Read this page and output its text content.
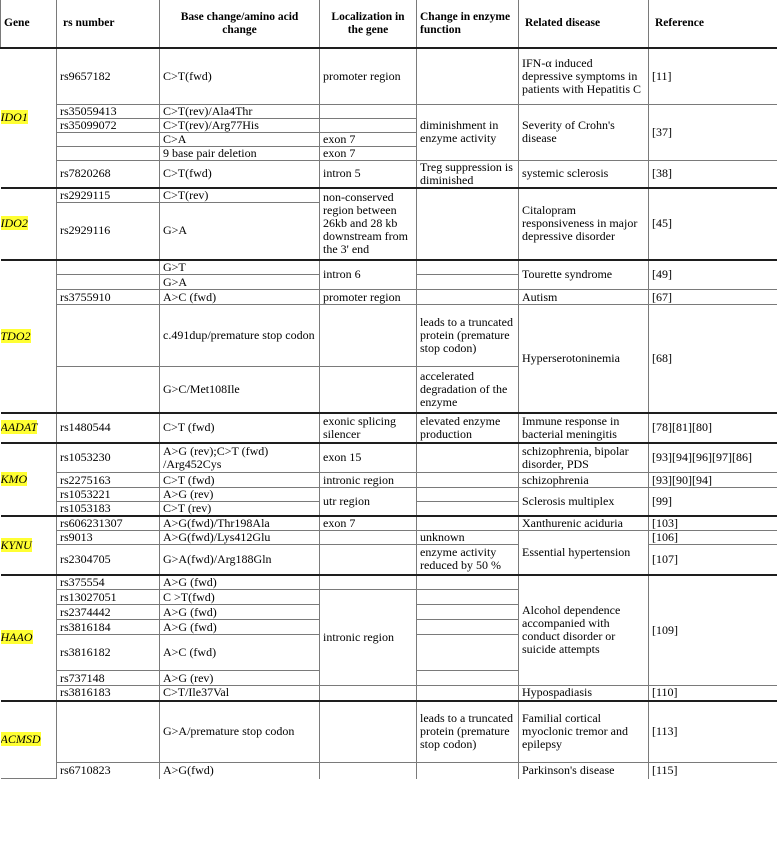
Gene	rs number	Base change/amino acid change	Localization in the gene	Change in enzyme function	Related disease	Reference
IDO1	rs9657182	C>T(fwd)	promoter region		IFN-α induced depressive symptoms in patients with Hepatitis C	[11]
	rs35059413	C>T(rev)/Ala4Thr		diminishment in enzyme activity	Severity of Crohn's disease	[37]
	rs35099072	C>T(rev)/Arg77His				
		C>A	exon 7			
		9 base pair deletion	exon 7			
	rs7820268	C>T(fwd)	intron 5	Treg suppression is diminished	systemic sclerosis	[38]
IDO2	rs2929115	C>T(rev)	non-conserved region between 26kb and 28 kb downstream from the 3' end		Citalopram responsiveness in major depressive disorder	[45]
	rs2929116	G>A				
TDO2		G>T	intron 6		Tourette syndrome	[49]
		G>A				
	rs3755910	A>C (fwd)	promoter region		Autism	[67]
		c.491dup/premature stop codon		leads to a truncated protein (premature stop codon)	Hyperserotoninemia	[68]
		G>C/Met108Ile		accelerated degradation of the enzyme		
AADAT	rs1480544	C>T (fwd)	exonic splicing silencer	elevated enzyme production	Immune response in bacterial meningitis	[78][81][80]
KMO	rs1053230	A>G (rev);C>T (fwd) /Arg452Cys	exon 15		schizophrenia, bipolar disorder, PDS	[93][94][96][97][86]
	rs2275163	C>T (fwd)	intronic region		schizophrenia	[93][90][94]
	rs1053221	A>G (rev)	utr region		Sclerosis multiplex	[99]
	rs1053183	C>T (rev)				
KYNU	rs606231307	A>G(fwd)/Thr198Ala	exon 7		Xanthurenic aciduria	[103]
	rs9013	A>G(fwd)/Lys412Glu		unknown	Essential hypertension	[106]
	rs2304705	G>A(fwd)/Arg188Gln		enzyme activity reduced by 50 %		[107]
HAAO	rs375554	A>G (fwd)			Alcohol dependence accompanied with conduct disorder or suicide attempts	[109]
	rs13027051	C >T(fwd)	intronic region			
	rs2374442	A>G (fwd)				
	rs3816184	A>G (fwd)				
	rs3816182	A>C (fwd)				
	rs737148	A>G (rev)				
	rs3816183	C>T/Ile37Val			Hypospadiasis	[110]
ACMSD		G>A/premature stop codon		leads to a truncated protein (premature stop codon)	Familial cortical myoclonic tremor and epilepsy	[113]
	rs6710823	A>G(fwd)			Parkinson's disease	[115]
